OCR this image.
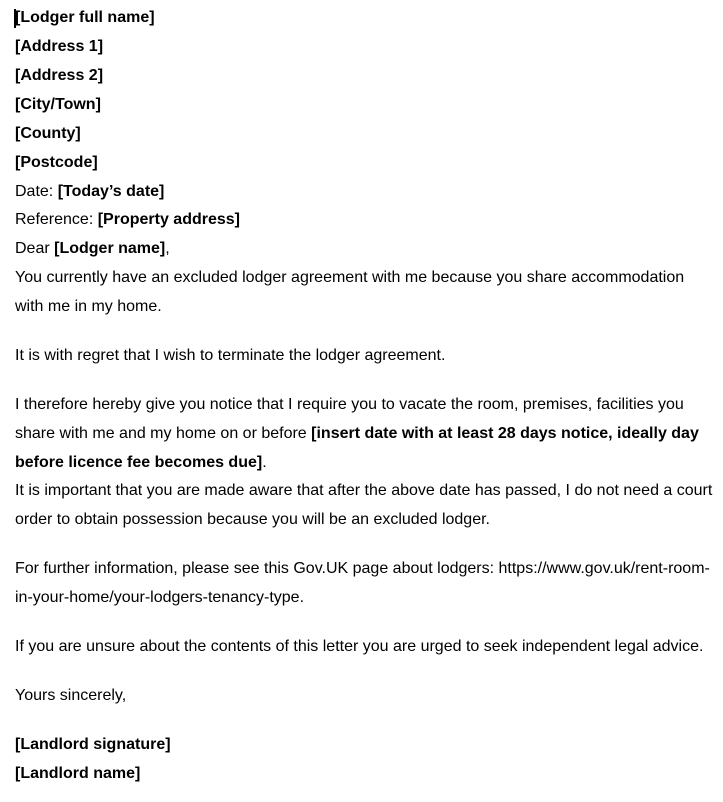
[Lodger full name]
[Address 1]
[Address 2]
[City/Town]
[County]
[Postcode]
Date: [Today’s date]
Reference: [Property address]
Dear [Lodger name],
You currently have an excluded lodger agreement with me because you share accommodation with me in my home.
It is with regret that I wish to terminate the lodger agreement.
I therefore hereby give you notice that I require you to vacate the room, premises, facilities you share with me and my home on or before [insert date with at least 28 days notice, ideally day before licence fee becomes due].
It is important that you are made aware that after the above date has passed, I do not need a court order to obtain possession because you will be an excluded lodger.
For further information, please see this Gov.UK page about lodgers: https://www.gov.uk/rent-room-in-your-home/your-lodgers-tenancy-type.
If you are unsure about the contents of this letter you are urged to seek independent legal advice.
Yours sincerely,
[Landlord signature]
[Landlord name]
